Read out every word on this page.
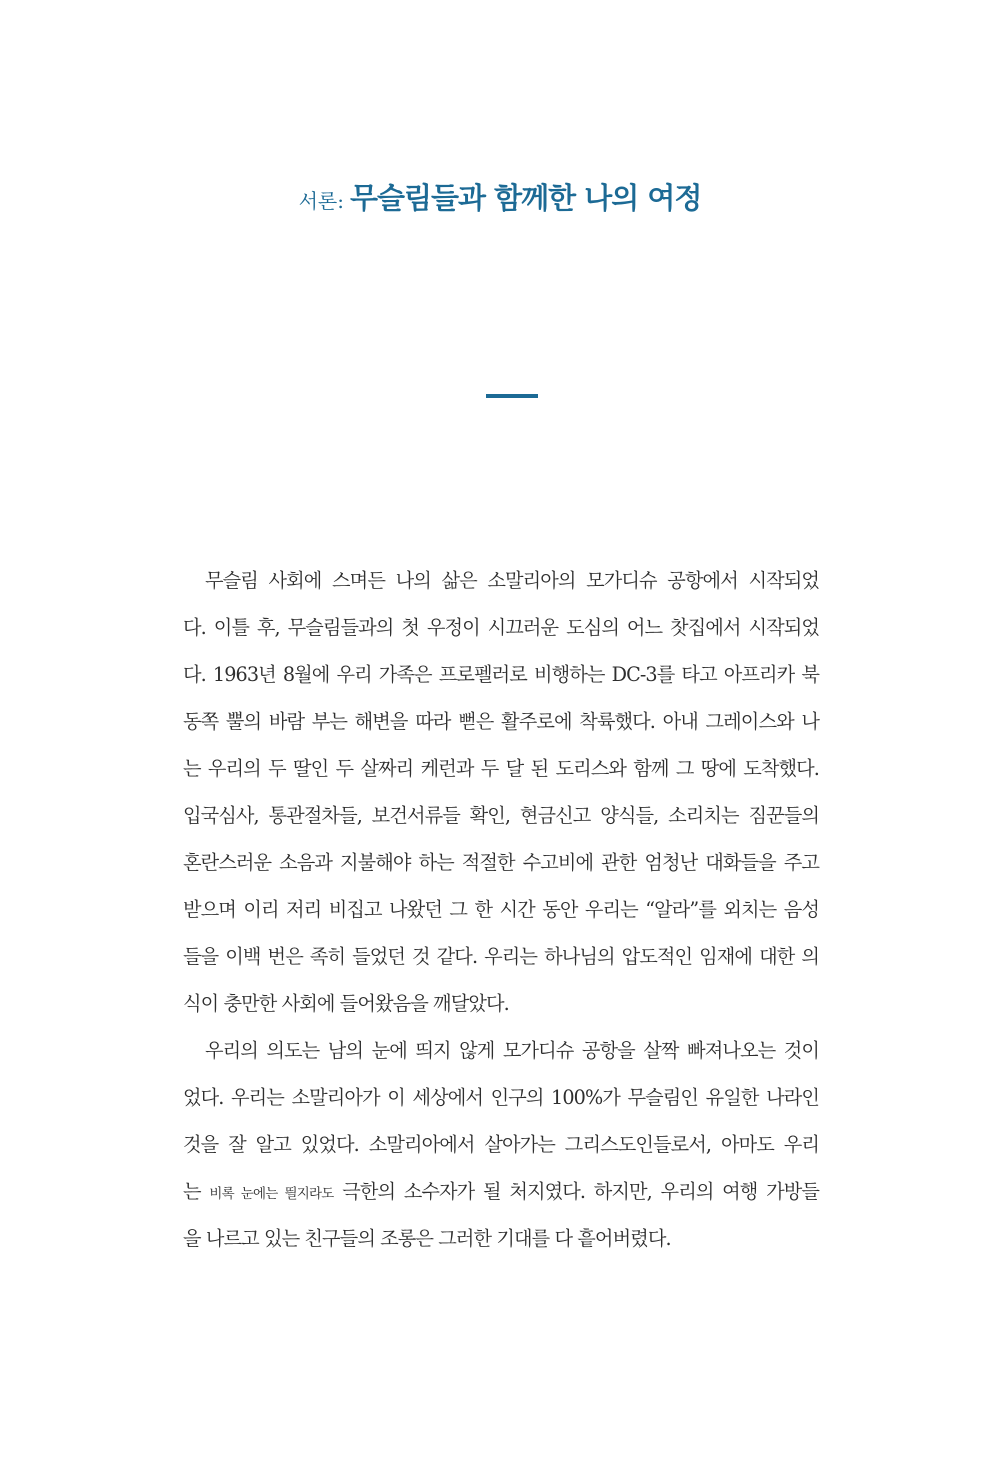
서론: 무슬림들과 함께한 나의 여정
무슬림 사회에 스며든 나의 삶은 소말리아의 모가디슈 공항에서 시작되었
다. 이틀 후, 무슬림들과의 첫 우정이 시끄러운 도심의 어느 찻집에서 시작되었
다. 1963년 8월에 우리 가족은 프로펠러로 비행하는 DC-3를 타고 아프리카 북
동쪽 뿔의 바람 부는 해변을 따라 뻗은 활주로에 착륙했다. 아내 그레이스와 나
는 우리의 두 딸인 두 살짜리 케런과 두 달 된 도리스와 함께 그 땅에 도착했다.
입국심사, 통관절차들, 보건서류들 확인, 현금신고 양식들, 소리치는 짐꾼들의
혼란스러운 소음과 지불해야 하는 적절한 수고비에 관한 엄청난 대화들을 주고
받으며 이리 저리 비집고 나왔던 그 한 시간 동안 우리는 “알라”를 외치는 음성
들을 이백 번은 족히 들었던 것 같다. 우리는 하나님의 압도적인 임재에 대한 의
식이 충만한 사회에 들어왔음을 깨달았다.
우리의 의도는 남의 눈에 띄지 않게 모가디슈 공항을 살짝 빠져나오는 것이
었다. 우리는 소말리아가 이 세상에서 인구의 100%가 무슬림인 유일한 나라인
것을 잘 알고 있었다. 소말리아에서 살아가는 그리스도인들로서, 아마도 우리
는 비록 눈에는 띌지라도 극한의 소수자가 될 처지였다. 하지만, 우리의 여행 가방들
을 나르고 있는 친구들의 조롱은 그러한 기대를 다 흩어버렸다.
